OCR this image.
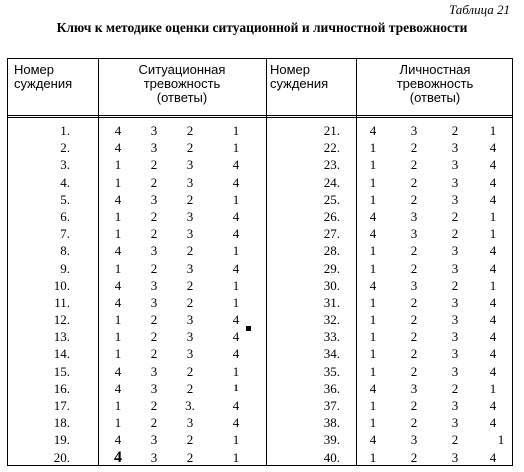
Таблица 21
Ключ к методике оценки ситуационной и личностной тревожности
Номер
суждения
Ситуационная
тревожность
(ответы)
Номер
суждения
Личностная
тревожность
(ответы)
1.	4	3	2	1	21.	4	3	2	1
2.	4	3	2	1	22.	1	2	3	4
3.	1	2	3	4	23.	1	2	3	4
4.	1	2	3	4	24.	1	2	3	4
5.	4	3	2	1	25.	1	2	3	4
6.	1	2	3	4	26.	4	3	2	1
7.	1	2	3	4	27.	4	3	2	1
8.	4	3	2	1	28.	1	2	3	4
9.	1	2	3	4	29.	1	2	3	4
10.	4	3	2	1	30.	4	3	2	1
11.	4	3	2	1	31.	1	2	3	4
12.	1	2	3	4	32.	1	2	3	4
13.	1	2	3	4	33.	1	2	3	4
14.	1	2	3	4	34.	1	2	3	4
15.	4	3	2	1	35.	1	2	3	4
16.	4	3	2	1	36.	4	3	2	1
17.	1	2	3.	4	37.	1	2	3	4
18.	1	2	3	4	38.	1	2	3	4
19.	4	3	2	1	39.	4	3	2	1
20.	4	3	2	1	40.	1	2	3	4
